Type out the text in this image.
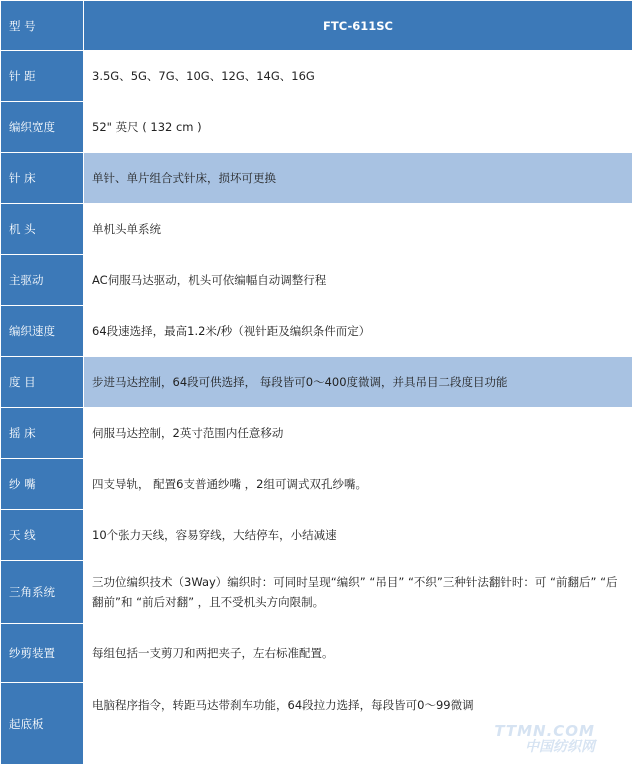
型 号	FTC-611SC
针 距	3.5G、5G、7G、10G、12G、14G、16G
编织宽度	52" 英尺 ( 132 cm )
针 床	单针、单片组合式针床，损坏可更换
机 头	单机头单系统
主驱动	AC伺服马达驱动，机头可依编幅自动调整行程
编织速度	64段速选择，最高1.2米/秒（视针距及编织条件而定）
度 目	步进马达控制，64段可供选择， 每段皆可0～400度微调，并具吊目二段度目功能
摇 床	伺服马达控制，2英寸范围内任意移动
纱 嘴	四支导轨， 配置6支普通纱嘴 ，2组可调式双孔纱嘴。
天 线	10个张力天线，容易穿线，大结停车，小结减速
三角系统	三功位编织技术（3Way）编织时：可同时呈现“编织” “吊目” “不织”三种针法翻针时：可 “前翻后” “后翻前”和 “前后对翻” ，且不受机头方向限制。
纱剪装置	每组包括一支剪刀和两把夹子，左右标准配置。
起底板	电脑程序指令，转距马达带刹车功能，64段拉力选择，每段皆可0～99微调
TTMN.COM
中国纺织网
